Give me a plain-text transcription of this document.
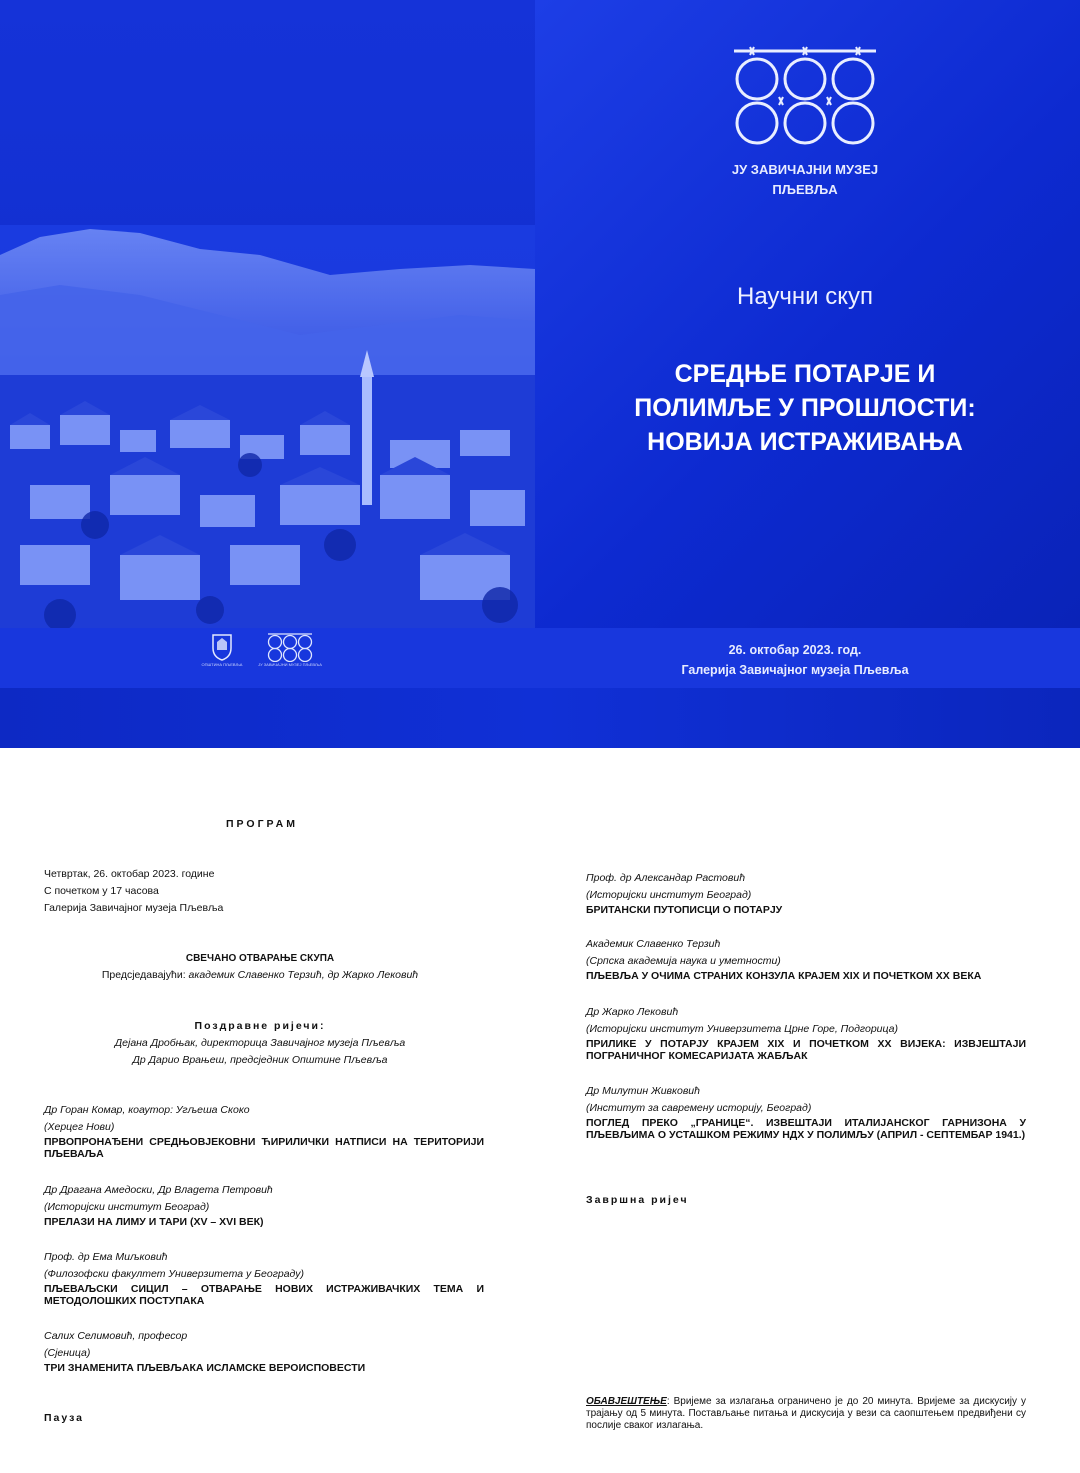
ЈУ ЗАВИЧАЈНИ МУЗЕЈ
ПЉЕВЉА
Научни скуп
СРЕДЊЕ ПОТАРЈЕ И
ПОЛИМЉЕ У ПРОШЛОСТИ:
НОВИЈА ИСТРАЖИВАЊА
ОПШТИНА ПЉЕВЉА	ЈУ ЗАВИЧАЈНИ МУЗЕЈ ПЉЕВЉА
26. октобар 2023. год.
Галерија Завичајног музеја Пљевља
ПРОГРАМ
Четвртак, 26. октобар 2023. године
С почетком у 17 часова
Галерија Завичајног музеја Пљевља
СВЕЧАНО ОТВАРАЊЕ СКУПА
Предсједавајући: академик Славенко Терзић, др Жарко Лековић
Поздравне ријечи:
Дејана Дробњак, директорица Завичајног музеја Пљевља
Др Дарио Врањеш, предсједник Општине Пљевља
Др Горан Комар, коаутор: Угљеша Скоко
(Херцег Нови)
ПРВОПРОНАЂЕНИ СРЕДЊОВЈЕКОВНИ ЋИРИЛИЧКИ НАТПИСИ НА ТЕРИТОРИЈИ ПЉЕВАЉА
Др Драгана Амедоски, Др Влаgета Петровић
(Историјски институт Београд)
ПРЕЛАЗИ НА ЛИМУ И ТАРИ (XV – XVI ВЕК)
Проф. др Ема Миљковић
(Филозофски факултет Универзитета у Београду)
ПЉЕВАЉСКИ СИЦИЛ – ОТВАРАЊЕ НОВИХ ИСТРАЖИВАЧКИХ ТЕМА И МЕТОДОЛОШКИХ ПОСТУПАКА
Салих Селимовић, професор
(Сјеница)
ТРИ ЗНАМЕНИТА ПЉЕВЉАКА ИСЛАМСКЕ ВЕРОИСПОВЕСТИ
Пауза
Проф. др Александар Растовић
(Историјски институт Београд)
БРИТАНСКИ ПУТОПИСЦИ О ПОТАРЈУ
Академик Славенко Терзић
(Српска академија наука и уметности)
ПЉЕВЉА У ОЧИМА СТРАНИХ КОНЗУЛА КРАЈЕМ XIX И ПОЧЕТКОМ XX ВЕКА
Др Жарко Лековић
(Историјски институт Универзитета Црне Горе, Подгорица)
ПРИЛИКЕ У ПОТАРЈУ КРАЈЕМ XIX И ПОЧЕТКОМ XX ВИЈЕКА: ИЗВЈЕШТАЈИ ПОГРАНИЧНОГ КОМЕСАРИЈАТА ЖАБЉАК
Др Милутин Живковић
(Институт за савремену историју, Београд)
ПОГЛЕД ПРЕКО „ГРАНИЦЕ“. ИЗВЕШТАЈИ ИТАЛИЈАНСКОГ ГАРНИЗОНА У ПЉЕВЉИМА О УСТАШКОМ РЕЖИМУ НДХ У ПОЛИМЉУ (АПРИЛ - СЕПТЕМБАР 1941.)
Завршна ријеч
ОБАВЈЕШТЕЊЕ: Вријеме за излагања ограничено је до 20 минута. Вријеме за дискусију у трајању од 5 минута. Постављање питања и дискусија у вези са саопштењем предвиђени су послије сваког излагања.
